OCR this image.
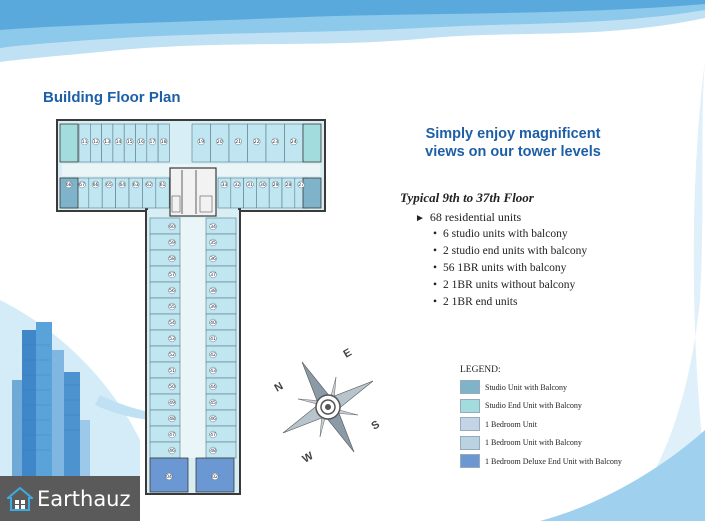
Building Floor Plan
11 12 13 14 15 16 17 18	19	20	21	22	23	24
68 67 66 65 64 63 62 61	33 32 31 30 29 28 27
60
59
58
57
56
55
54
53
52
51
50
49
48
47
46
34
35
36
37
38
39
40
41
42
43
44
45
46
47
48
04	02
Simply enjoy magnificent
views on our tower levels
Typical 9th to 37th Floor
► 68 residential units
• 6 studio units with balcony
• 2 studio end units with balcony
• 56 1BR units with balcony
• 2 1BR units without balcony
• 2 1BR end units
N
E
S
W
LEGEND:
Studio Unit with Balcony
Studio End Unit with Balcony
1 Bedroom Unit
1 Bedroom Unit with Balcony
1 Bedroom Deluxe End Unit with Balcony
Earthauz
